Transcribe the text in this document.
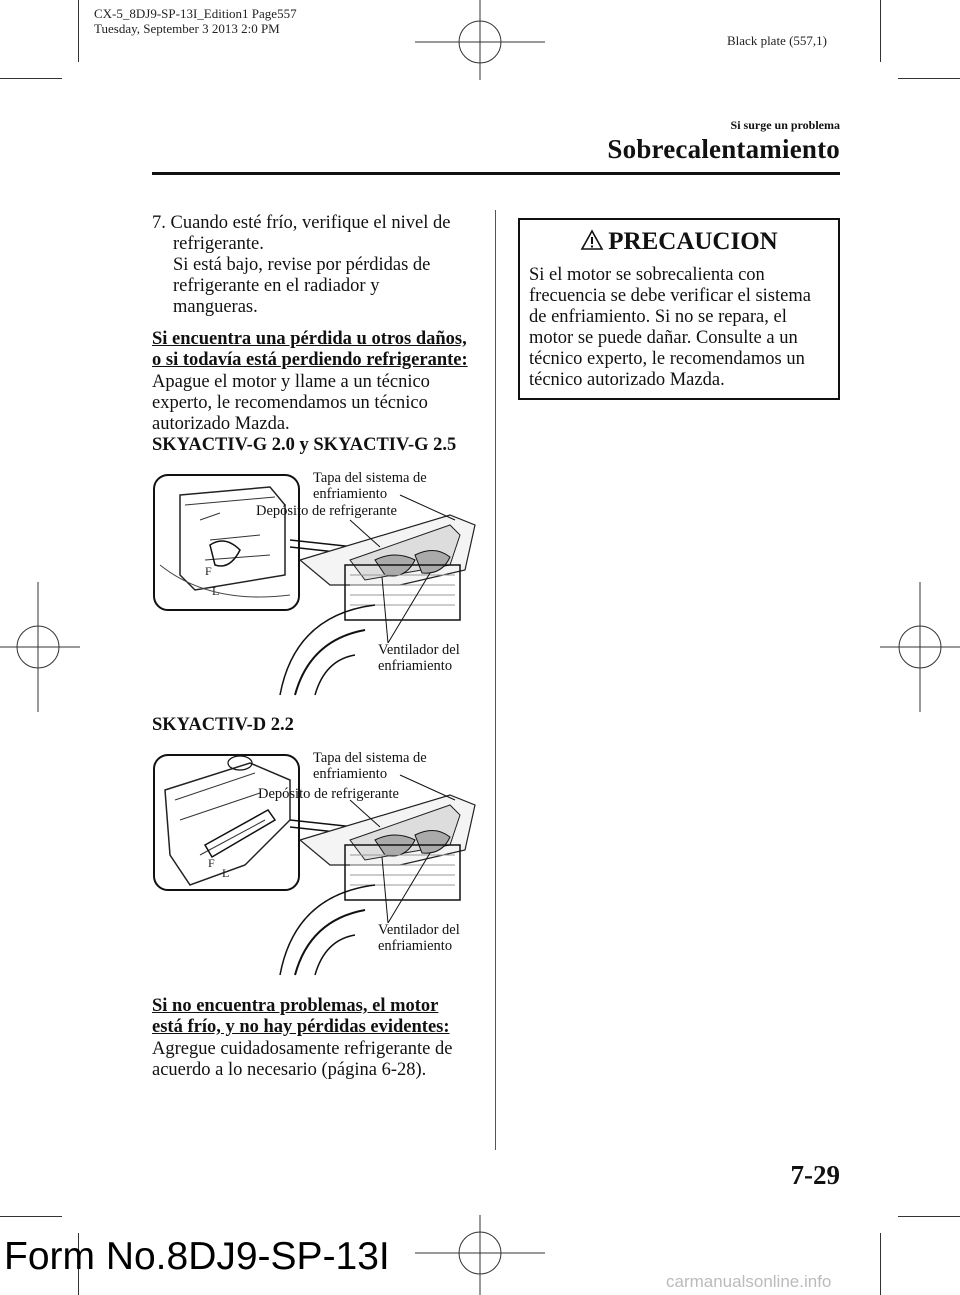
CX-5_8DJ9-SP-13I_Edition1 Page557
Tuesday, September 3 2013 2:0 PM
Black plate (557,1)
Si surge un problema
Sobrecalentamiento
7. Cuando esté frío, verifique el nivel de
refrigerante.
Si está bajo, revise por pérdidas de
refrigerante en el radiador y
mangueras.
Si encuentra una pérdida u otros daños,
o si todavía está perdiendo refrigerante:
Apague el motor y llame a un técnico
experto, le recomendamos un técnico
autorizado Mazda.
SKYACTIV-G 2.0 y SKYACTIV-G 2.5
F
L
Tapa del sistema de
enfriamiento
Depósito de refrigerante
Ventilador del
enfriamiento
SKYACTIV-D 2.2
F
L
Tapa del sistema de
enfriamiento
Depósito de refrigerante
Ventilador del
enfriamiento
Si no encuentra problemas, el motor
está frío, y no hay pérdidas evidentes:
Agregue cuidadosamente refrigerante de
acuerdo a lo necesario (página 6-28).
PRECAUCION
Si el motor se sobrecalienta con
frecuencia se debe verificar el sistema
de enfriamiento. Si no se repara, el
motor se puede dañar. Consulte a un
técnico experto, le recomendamos un
técnico autorizado Mazda.
7-29
Form No.8DJ9-SP-13I
carmanualsonline.info
